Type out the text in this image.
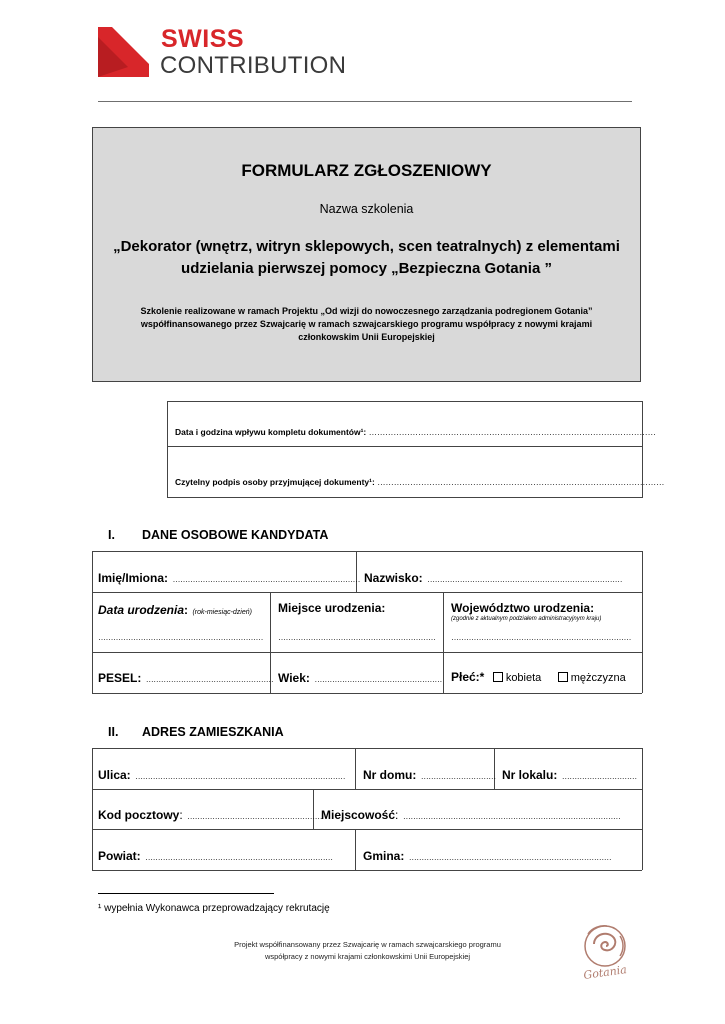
SWISS
CONTRIBUTION
FORMULARZ ZGŁOSZENIOWY
Nazwa szkolenia
„Dekorator (wnętrz, witryn sklepowych, scen teatralnych) z elementami
udzielania pierwszej pomocy „Bezpieczna Gotania ”
Szkolenie realizowane w ramach Projektu „Od wizji do nowoczesnego zarządzania podregionem Gotania”
współfinansowanego przez Szwajcarię w ramach szwajcarskiego programu współpracy z nowymi krajami
członkowskim Unii Europejskiej
Data i godzina wpływu kompletu dokumentów¹: ……………………………………………………………………………………………
Czytelny podpis osoby przyjmującej dokumenty¹: ……………………………………………………………………………………………
I. DANE OSOBOWE KANDYDATA
Imię/Imiona: ………………………………………………………………… Nazwisko: ……………………………………………………………………
Data urodzenia: (rok-miesiąc-dzień)
…………………………………………………………
Miejsce urodzenia:
………………………………………………………
Województwo urodzenia:
(zgodnie z aktualnym podziałem administracyjnym kraju)
………………………………………………………………
PESEL: …………………………………………… Wiek: …………………………………………… Płeć:* kobieta	mężczyzna
II. ADRES ZAMIESZKANIA
Ulica: ………………………………………………………………………… Nr domu: ………………………… Nr lokalu: …………………………
Kod pocztowy: ………………………………………………
Miejscowość: ……………………………………………………………………………
Powiat: …………………………………………………………………	Gmina: ………………………………………………………………………
¹ wypełnia Wykonawca przeprowadzający rekrutację
Projekt współfinansowany przez Szwajcarię w ramach szwajcarskiego programu
współpracy z nowymi krajami członkowskimi Unii Europejskiej
Gotania
